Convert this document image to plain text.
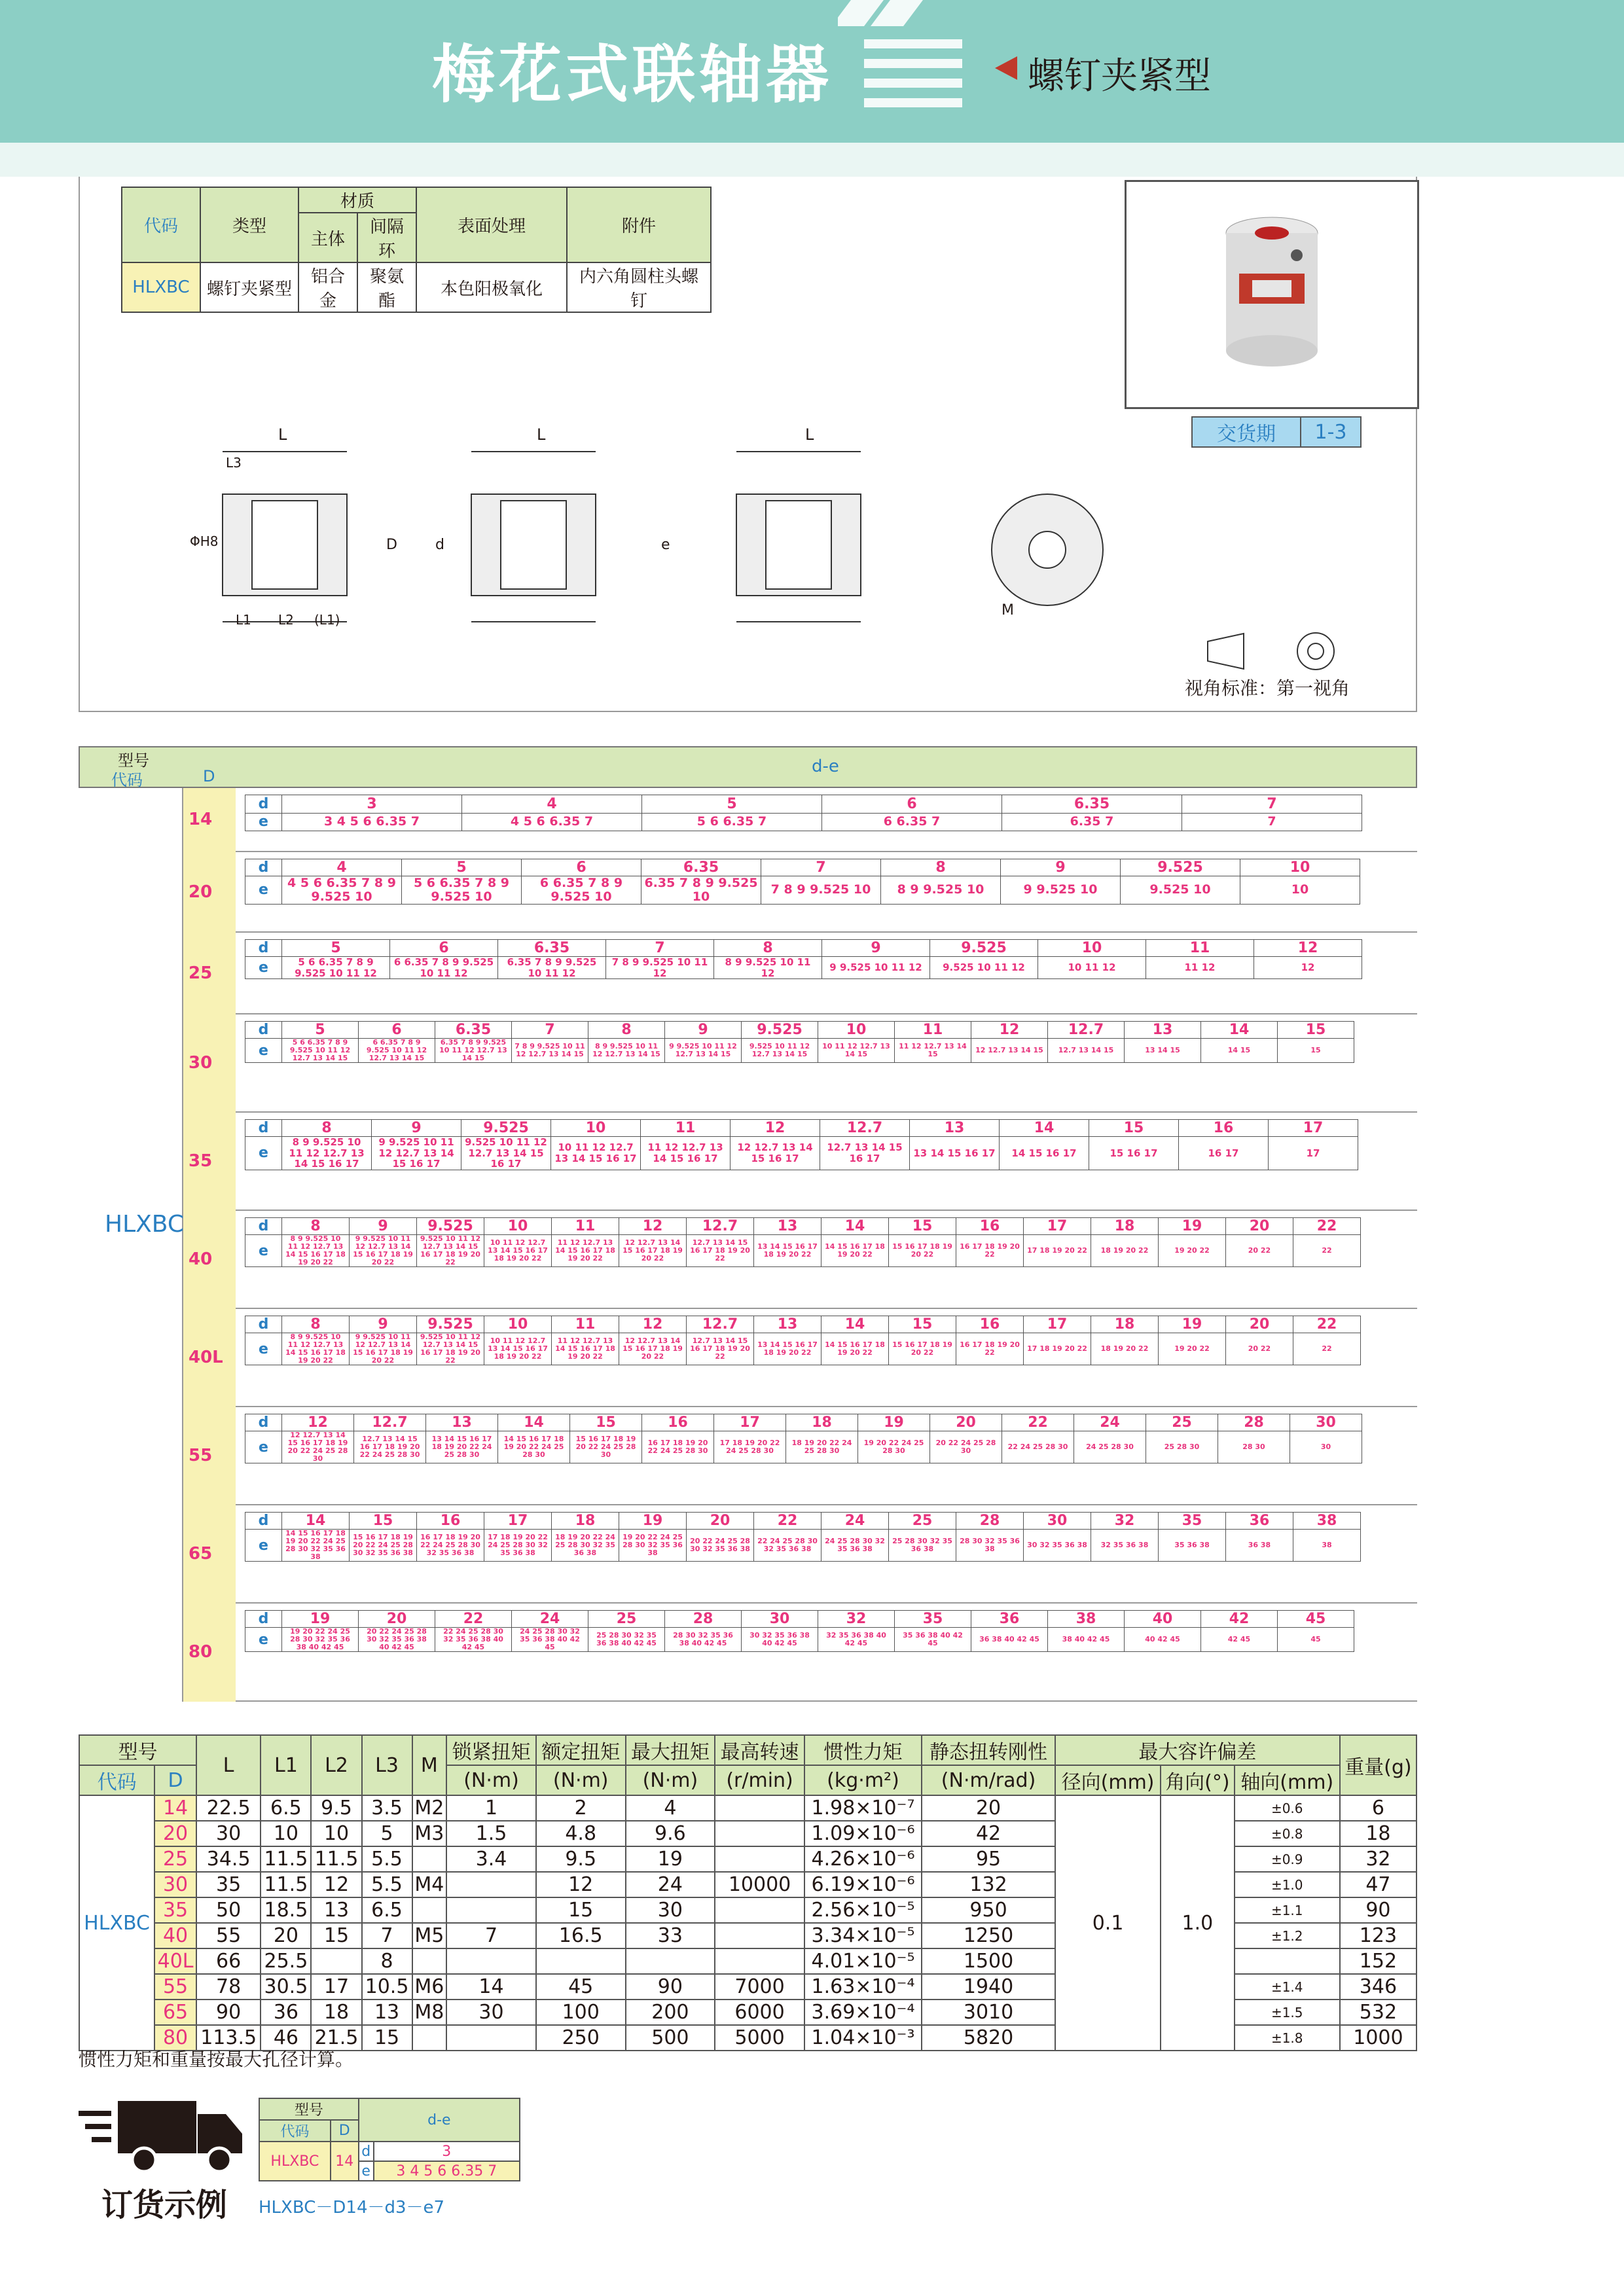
梅花式联轴器	螺钉夹紧型
代码	类型	材质		表面处理	附件
		主体	间隔环		
HLXBC	螺钉夹紧型	铝合金	聚氨酯	本色阳极氧化	内六角圆柱头螺钉
交货期	1-3
L	L	L
L3
L1 L2 (L1)
d
D	e
ΦH8
M
视角标准：第一视角
型号
代码	D	d-e
HLXBC
14
d	3	4	5	6	6.35	7
e	3 4 5 6 6.35 7	4 5 6 6.35 7	5 6 6.35 7	6 6.35 7	6.35 7	7
20
d	4	5	6	6.35	7	8	9	9.525	10
e	4 5 6 6.35 7 8 9 9.525 10	5 6 6.35 7 8 9 9.525 10	6 6.35 7 8 9 9.525 10	6.35 7 8 9 9.525 10	7 8 9 9.525 10	8 9 9.525 10	9 9.525 10	9.525 10	10
25
d	5	6	6.35	7	8	9	9.525	10	11	12
e	5 6 6.35 7 8 9 9.525 10 11 12	6 6.35 7 8 9 9.525 10 11 12	6.35 7 8 9 9.525 10 11 12	7 8 9 9.525 10 11 12	8 9 9.525 10 11 12	9 9.525 10 11 12	9.525 10 11 12	10 11 12	11 12	12
30
d	5	6	6.35	7	8	9	9.525	10	11	12	12.7	13	14	15
e	5 6 6.35 7 8 9 9.525 10 11 12 12.7 13 14 15	6 6.35 7 8 9 9.525 10 11 12 12.7 13 14 15	6.35 7 8 9 9.525 10 11 12 12.7 13 14 15	7 8 9 9.525 10 11 12 12.7 13 14 15	8 9 9.525 10 11 12 12.7 13 14 15	9 9.525 10 11 12 12.7 13 14 15	9.525 10 11 12 12.7 13 14 15	10 11 12 12.7 13 14 15	11 12 12.7 13 14 15	12 12.7 13 14 15	12.7 13 14 15	13 14 15	14 15	15
35
d	8	9	9.525	10	11	12	12.7	13	14	15	16	17
e	8 9 9.525 10 11 12 12.7 13 14 15 16 17	9 9.525 10 11 12 12.7 13 14 15 16 17	9.525 10 11 12 12.7 13 14 15 16 17	10 11 12 12.7 13 14 15 16 17	11 12 12.7 13 14 15 16 17	12 12.7 13 14 15 16 17	12.7 13 14 15 16 17	13 14 15 16 17	14 15 16 17	15 16 17	16 17	17
40
d	8	9	9.525	10	11	12	12.7	13	14	15	16	17	18	19	20	22
e	8 9 9.525 10 11 12 12.7 13 14 15 16 17 18 19 20 22	9 9.525 10 11 12 12.7 13 14 15 16 17 18 19 20 22	9.525 10 11 12 12.7 13 14 15 16 17 18 19 20 22	10 11 12 12.7 13 14 15 16 17 18 19 20 22	11 12 12.7 13 14 15 16 17 18 19 20 22	12 12.7 13 14 15 16 17 18 19 20 22	12.7 13 14 15 16 17 18 19 20 22	13 14 15 16 17 18 19 20 22	14 15 16 17 18 19 20 22	15 16 17 18 19 20 22	16 17 18 19 20 22	17 18 19 20 22	18 19 20 22	19 20 22	20 22	22
40L
d	8	9	9.525	10	11	12	12.7	13	14	15	16	17	18	19	20	22
e	8 9 9.525 10 11 12 12.7 13 14 15 16 17 18 19 20 22	9 9.525 10 11 12 12.7 13 14 15 16 17 18 19 20 22	9.525 10 11 12 12.7 13 14 15 16 17 18 19 20 22	10 11 12 12.7 13 14 15 16 17 18 19 20 22	11 12 12.7 13 14 15 16 17 18 19 20 22	12 12.7 13 14 15 16 17 18 19 20 22	12.7 13 14 15 16 17 18 19 20 22	13 14 15 16 17 18 19 20 22	14 15 16 17 18 19 20 22	15 16 17 18 19 20 22	16 17 18 19 20 22	17 18 19 20 22	18 19 20 22	19 20 22	20 22	22
55
d	12	12.7	13	14	15	16	17	18	19	20	22	24	25	28	30
e	12 12.7 13 14 15 16 17 18 19 20 22 24 25 28 30	12.7 13 14 15 16 17 18 19 20 22 24 25 28 30	13 14 15 16 17 18 19 20 22 24 25 28 30	14 15 16 17 18 19 20 22 24 25 28 30	15 16 17 18 19 20 22 24 25 28 30	16 17 18 19 20 22 24 25 28 30	17 18 19 20 22 24 25 28 30	18 19 20 22 24 25 28 30	19 20 22 24 25 28 30	20 22 24 25 28 30	22 24 25 28 30	24 25 28 30	25 28 30	28 30	30
65
d	14	15	16	17	18	19	20	22	24	25	28	30	32	35	36	38
e	14 15 16 17 18 19 20 22 24 25 28 30 32 35 36 38	15 16 17 18 19 20 22 24 25 28 30 32 35 36 38	16 17 18 19 20 22 24 25 28 30 32 35 36 38	17 18 19 20 22 24 25 28 30 32 35 36 38	18 19 20 22 24 25 28 30 32 35 36 38	19 20 22 24 25 28 30 32 35 36 38	20 22 24 25 28 30 32 35 36 38	22 24 25 28 30 32 35 36 38	24 25 28 30 32 35 36 38	25 28 30 32 35 36 38	28 30 32 35 36 38	30 32 35 36 38	32 35 36 38	35 36 38	36 38	38
80
d	19	20	22	24	25	28	30	32	35	36	38	40	42	45
e	19 20 22 24 25 28 30 32 35 36 38 40 42 45	20 22 24 25 28 30 32 35 36 38 40 42 45	22 24 25 28 30 32 35 36 38 40 42 45	24 25 28 30 32 35 36 38 40 42 45	25 28 30 32 35 36 38 40 42 45	28 30 32 35 36 38 40 42 45	30 32 35 36 38 40 42 45	32 35 36 38 40 42 45	35 36 38 40 42 45	36 38 40 42 45	38 40 42 45	40 42 45	42 45	45
型号		L	L1	L2	L3	M	锁紧扭矩	额定扭矩	最大扭矩	最高转速	惯性力矩	静态扭转刚性	最大容许偏差			重量(g)
代码	D						(N·m)	(N·m)	(N·m)	(r/min)	(kg·m²)	(N·m/rad)	径向(mm)	角向(°)	轴向(mm)	
HLXBC	14	22.5	6.5	9.5	3.5	M2	1	2	4		1.98×10⁻⁷	20	0.1	1.0	±0.6	6
	20	30	10	10	5	M3	1.5	4.8	9.6		1.09×10⁻⁶	42			±0.8	18
	25	34.5	11.5	11.5	5.5		3.4	9.5	19		4.26×10⁻⁶	95			±0.9	32
	30	35	11.5	12	5.5	M4		12	24	10000	6.19×10⁻⁶	132			±1.0	47
	35	50	18.5	13	6.5			15	30		2.56×10⁻⁵	950			±1.1	90
	40	55	20	15	7	M5	7	16.5	33		3.34×10⁻⁵	1250			±1.2	123
	40L	66	25.5		8						4.01×10⁻⁵	1500				152
	55	78	30.5	17	10.5	M6	14	45	90	7000	1.63×10⁻⁴	1940			±1.4	346
	65	90	36	18	13	M8	30	100	200	6000	3.69×10⁻⁴	3010			±1.5	532
	80	113.5	46	21.5	15			250	500	5000	1.04×10⁻³	5820			±1.8	1000
惯性力矩和重量按最大孔径计算。
订货示例
型号		d-e	
代码	D		
HLXBC	14	d	3
		e	3 4 5 6 6.35 7
HLXBC－D14－d3－e7
